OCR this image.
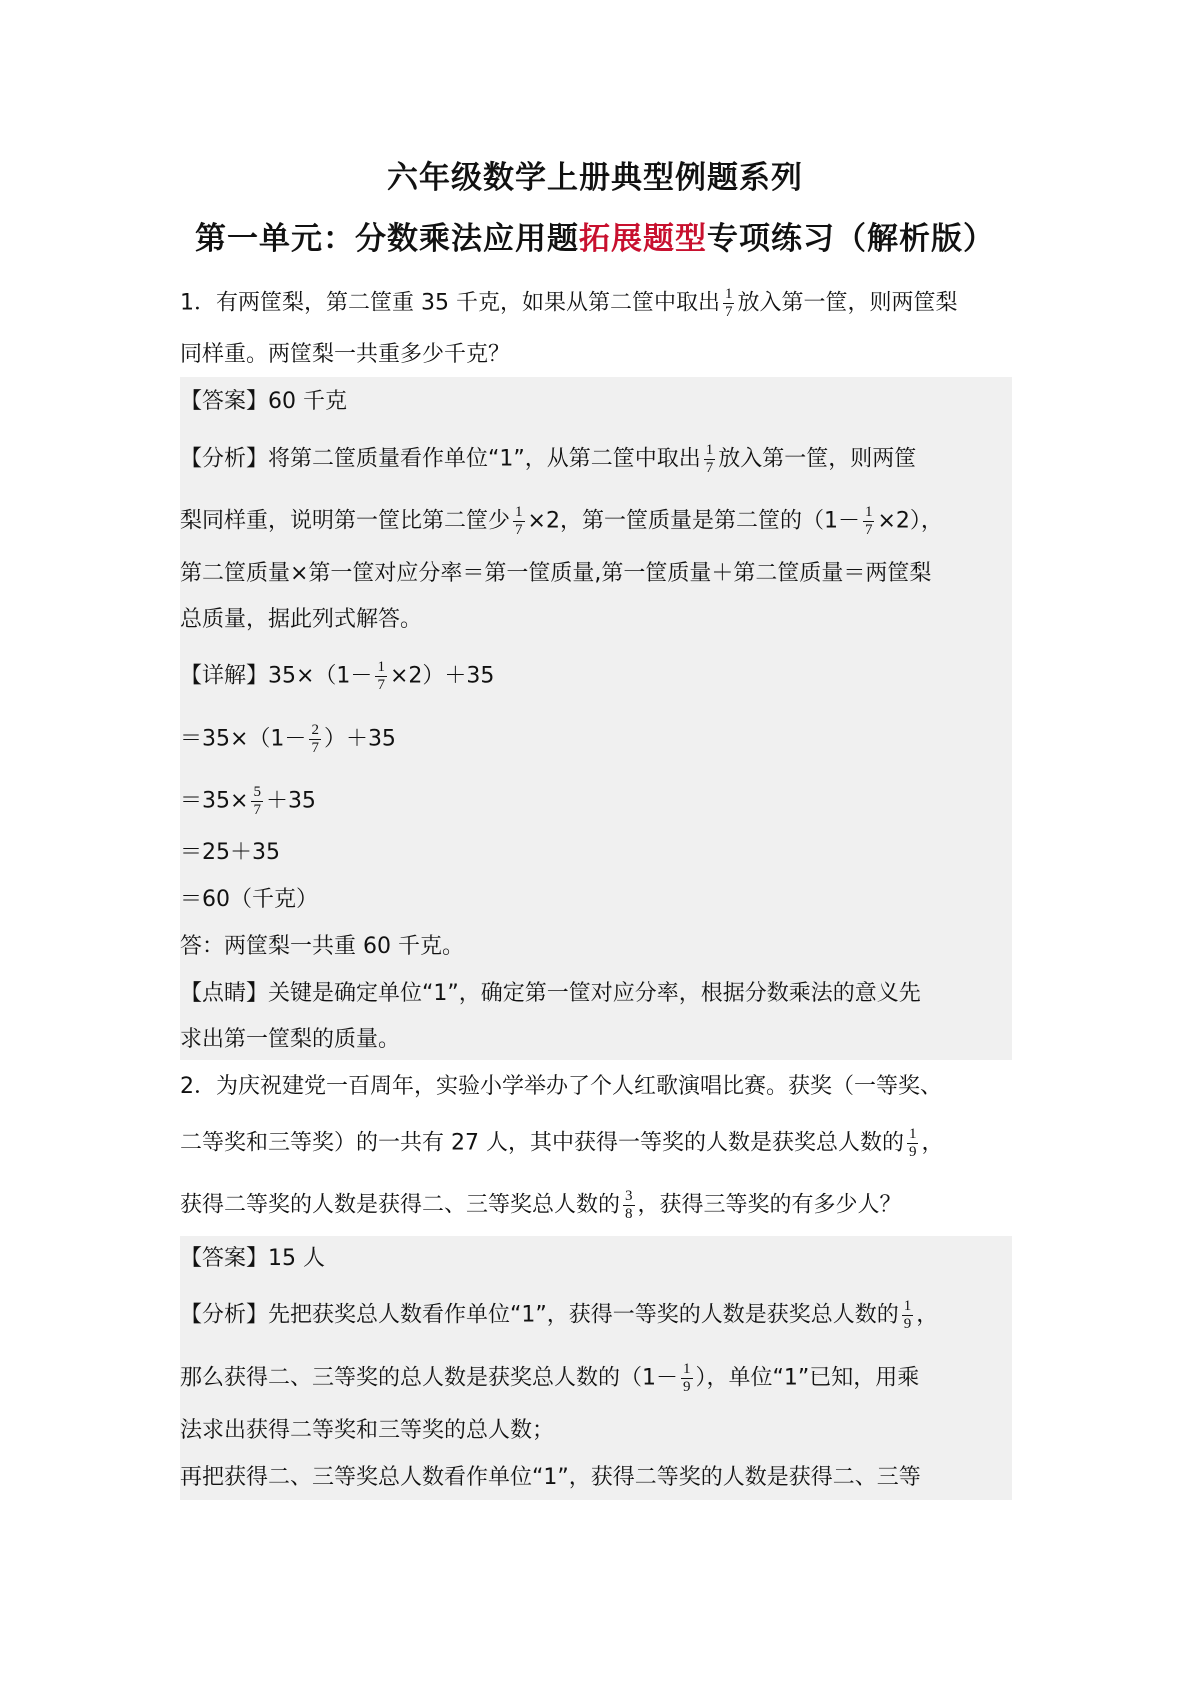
六年级数学上册典型例题系列
第一单元：分数乘法应用题拓展题型专项练习（解析版）
1．有两筐梨，第二筐重 35 千克，如果从第二筐中取出 $\frac{1}{7}$ 放入第一筐，则两筐梨
同样重。两筐梨一共重多少千克？
【答案】60 千克
【分析】将第二筐质量看作单位“1”，从第二筐中取出 $\frac{1}{7}$ 放入第一筐，则两筐
梨同样重，说明第一筐比第二筐少 $\frac{1}{7} \times 2$，第一筐质量是第二筐的$(1- \frac{1}{7} \times 2)$，
第二筐质量×第一筐对应分率＝第一筐质量,第一筐质量＋第二筐质量＝两筐梨
总质量，据此列式解答。
【详解】$35\times(1- \frac{1}{7} \times 2)+35$
$=35\times(1- \frac{2}{7} )+35$
$=35\times \frac{5}{7} +35$
＝25＋35
＝60（千克）
答：两筐梨一共重 60 千克。
【点睛】关键是确定单位“1”，确定第一筐对应分率，根据分数乘法的意义先
求出第一筐梨的质量。
2．为庆祝建党一百周年，实验小学举办了个人红歌演唱比赛。获奖（一等奖、
二等奖和三等奖）的一共有 27 人，其中获得一等奖的人数是获奖总人数的 $\frac{1}{9}$ ，
获得二等奖的人数是获得二、三等奖总人数的 $\frac{3}{8}$ ，获得三等奖的有多少人？
【答案】15 人
【分析】先把获奖总人数看作单位“1”，获得一等奖的人数是获奖总人数的 $\frac{1}{9}$ ，
那么获得二、三等奖的总人数是获奖总人数的（$1- \frac{1}{9}$ ），单位“1”已知，用乘
法求出获得二等奖和三等奖的总人数；
再把获得二、三等奖总人数看作单位“1”，获得二等奖的人数是获得二、三等
